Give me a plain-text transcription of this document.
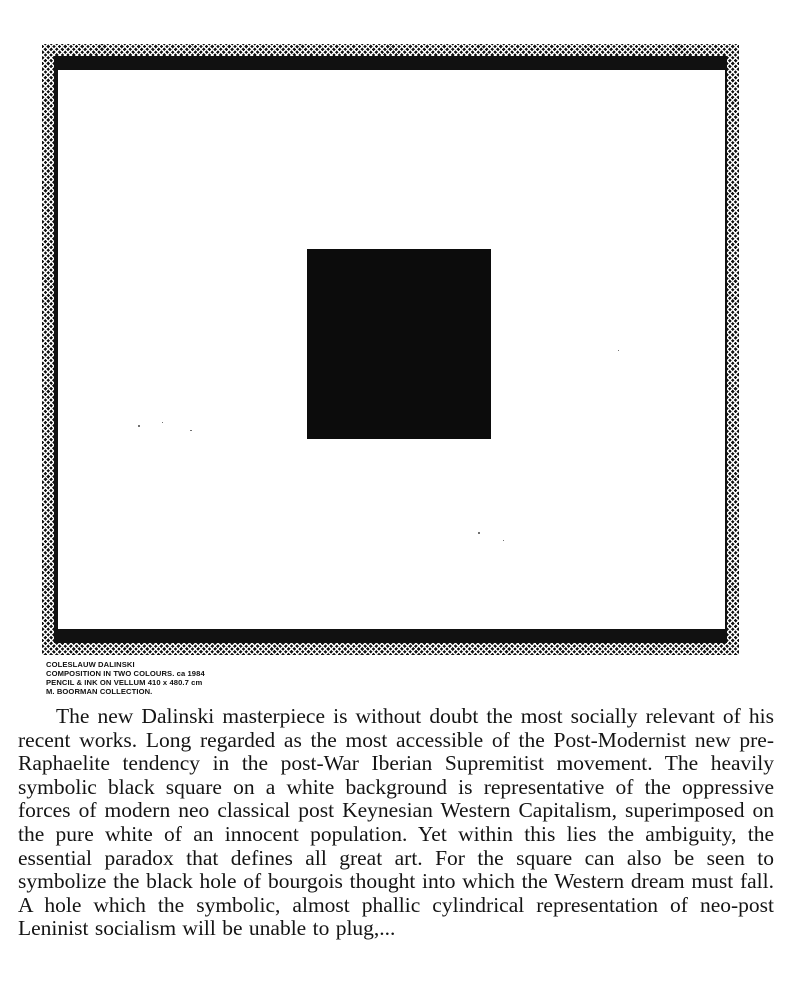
COLESLAUW DALINSKI
COMPOSITION IN TWO COLOURS. ca 1984
PENCIL & INK ON VELLUM 410 x 480.7 cm
M. BOORMAN COLLECTION.

The new Dalinski masterpiece is without doubt the most socially relevant of his recent works. Long regarded as the most accessible of the Post-Modernist new pre-Raphaelite tendency in the post-War Iberian Supremitist movement. The heavily symbolic black square on a white background is representative of the oppressive forces of modern neo classical post Keynesian Western Capitalism, superimposed on the pure white of an innocent population. Yet within this lies the ambiguity, the essential paradox that defines all great art. For the square can also be seen to symbolize the black hole of bourgois thought into which the Western dream must fall. A hole which the symbolic, almost phallic cylindrical representation of neo-post Leninist socialism will be unable to plug,...
